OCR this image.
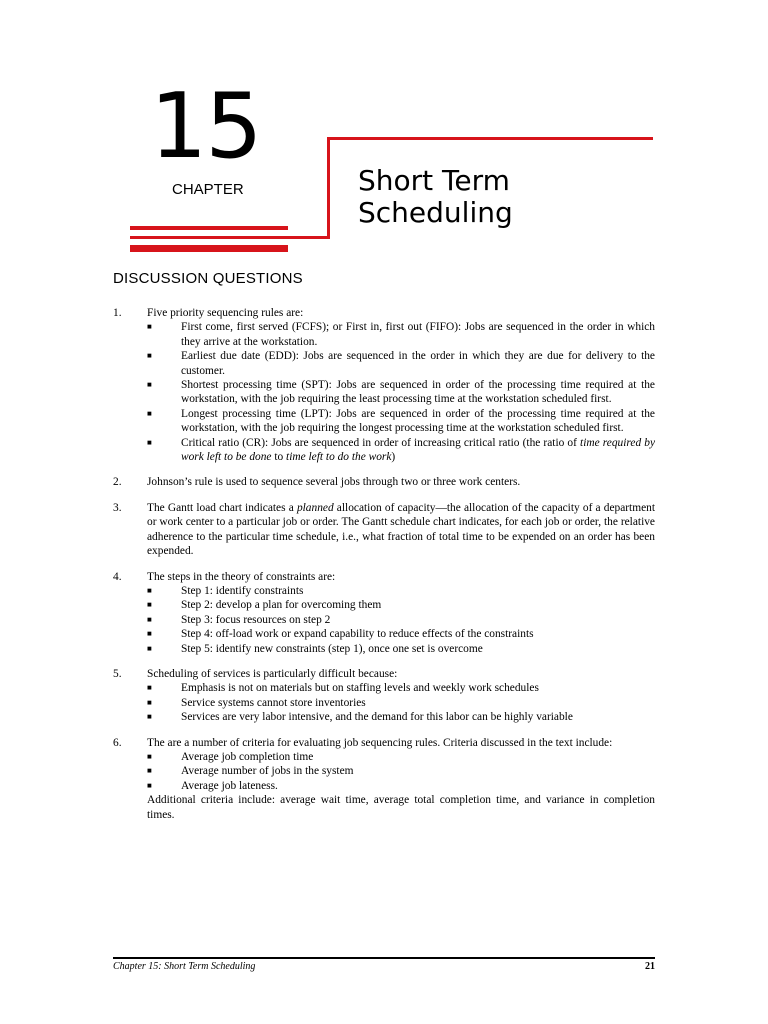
15
CHAPTER	Short Term
Scheduling
DISCUSSION QUESTIONS
1.	Five priority sequencing rules are:
■	First come, first served (FCFS); or First in, first out (FIFO): Jobs are sequenced in the order in which they arrive at the workstation.
■	Earliest due date (EDD): Jobs are sequenced in the order in which they are due for delivery to the customer.
■	Shortest processing time (SPT): Jobs are sequenced in order of the processing time required at the workstation, with the job requiring the least processing time at the workstation scheduled first.
■	Longest processing time (LPT): Jobs are sequenced in order of the processing time required at the workstation, with the job requiring the longest processing time at the workstation scheduled first.
■	Critical ratio (CR): Jobs are sequenced in order of increasing critical ratio (the ratio of time required by work left to be done to time left to do the work)
2.	Johnson’s rule is used to sequence several jobs through two or three work centers.
3.	The Gantt load chart indicates a planned allocation of capacity—the allocation of the capacity of a department or work center to a particular job or order. The Gantt schedule chart indicates, for each job or order, the relative adherence to the particular time schedule, i.e., what fraction of total time to be expended on an order has been expended.
4.	The steps in the theory of constraints are:
■	Step 1: identify constraints
■	Step 2: develop a plan for overcoming them
■	Step 3: focus resources on step 2
■	Step 4: off-load work or expand capability to reduce effects of the constraints
■	Step 5: identify new constraints (step 1), once one set is overcome
5.	Scheduling of services is particularly difficult because:
■	Emphasis is not on materials but on staffing levels and weekly work schedules
■	Service systems cannot store inventories
■	Services are very labor intensive, and the demand for this labor can be highly variable
6.	The are a number of criteria for evaluating job sequencing rules. Criteria discussed in the text include:
■	Average job completion time
■	Average number of jobs in the system
■	Average job lateness.
Additional criteria include: average wait time, average total completion time, and variance in completion times.
Chapter 15: Short Term Scheduling	21
